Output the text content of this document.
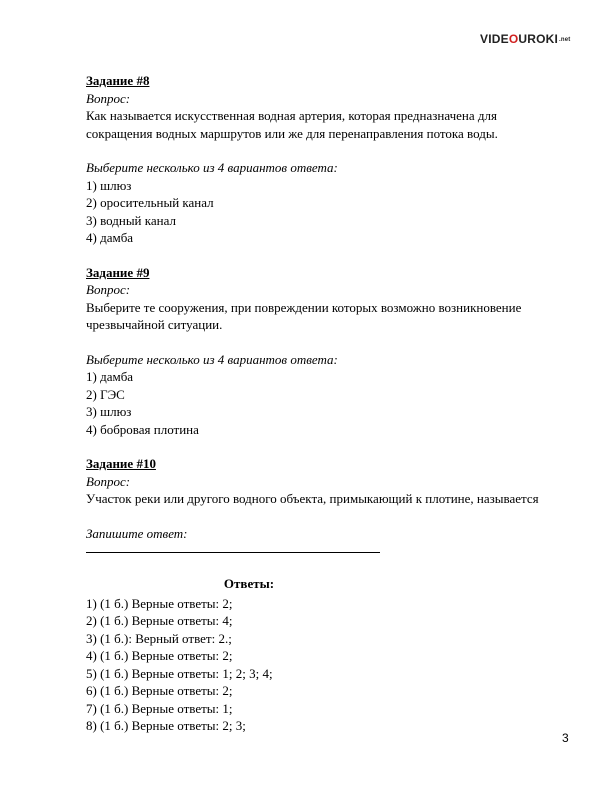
VIDEOUROKI.net
Задание #8
Вопрос:
Как называется искусственная водная артерия, которая предназначена для
сокращения водных маршрутов или же для перенаправления потока воды.
Выберите несколько из 4 вариантов ответа:
1) шлюз
2) оросительный канал
3) водный канал
4) дамба
Задание #9
Вопрос:
Выберите те сооружения, при повреждении которых возможно возникновение
чрезвычайной ситуации.
Выберите несколько из 4 вариантов ответа:
1) дамба
2) ГЭС
3) шлюз
4) бобровая плотина
Задание #10
Вопрос:
Участок реки или другого водного объекта, примыкающий к плотине, называется
Запишите ответ:
Ответы:
1) (1 б.) Верные ответы: 2;
2) (1 б.) Верные ответы: 4;
3) (1 б.): Верный ответ: 2.;
4) (1 б.) Верные ответы: 2;
5) (1 б.) Верные ответы: 1; 2; 3; 4;
6) (1 б.) Верные ответы: 2;
7) (1 б.) Верные ответы: 1;
8) (1 б.) Верные ответы: 2; 3;
3
